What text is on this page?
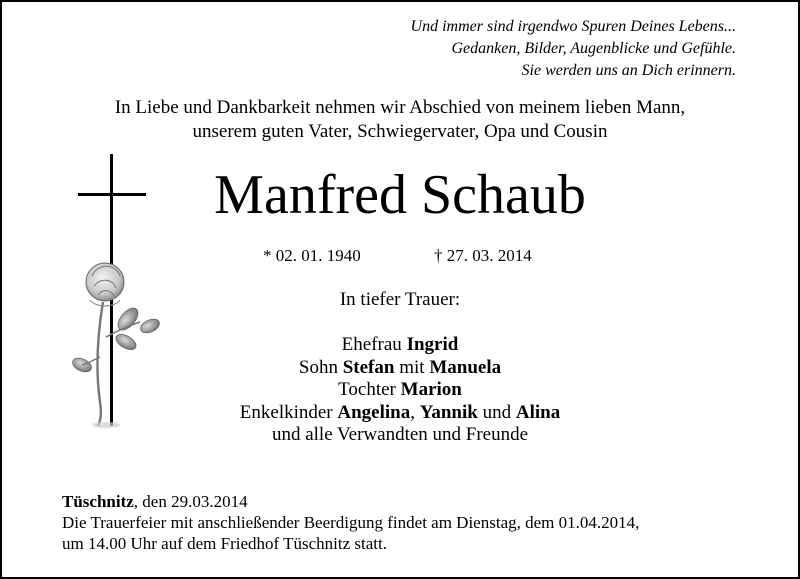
Und immer sind irgendwo Spuren Deines Lebens...
Gedanken, Bilder, Augenblicke und Gefühle.
Sie werden uns an Dich erinnern.
In Liebe und Dankbarkeit nehmen wir Abschied von meinem lieben Mann,
unserem guten Vater, Schwiegervater, Opa und Cousin
Manfred Schaub
* 02. 01. 1940	† 27. 03. 2014
In tiefer Trauer:
Ehefrau Ingrid
Sohn Stefan mit Manuela
Tochter Marion
Enkelkinder Angelina, Yannik und Alina
und alle Verwandten und Freunde
Tüschnitz, den 29.03.2014
Die Trauerfeier mit anschließender Beerdigung findet am Dienstag, dem 01.04.2014,
um 14.00 Uhr auf dem Friedhof Tüschnitz statt.
